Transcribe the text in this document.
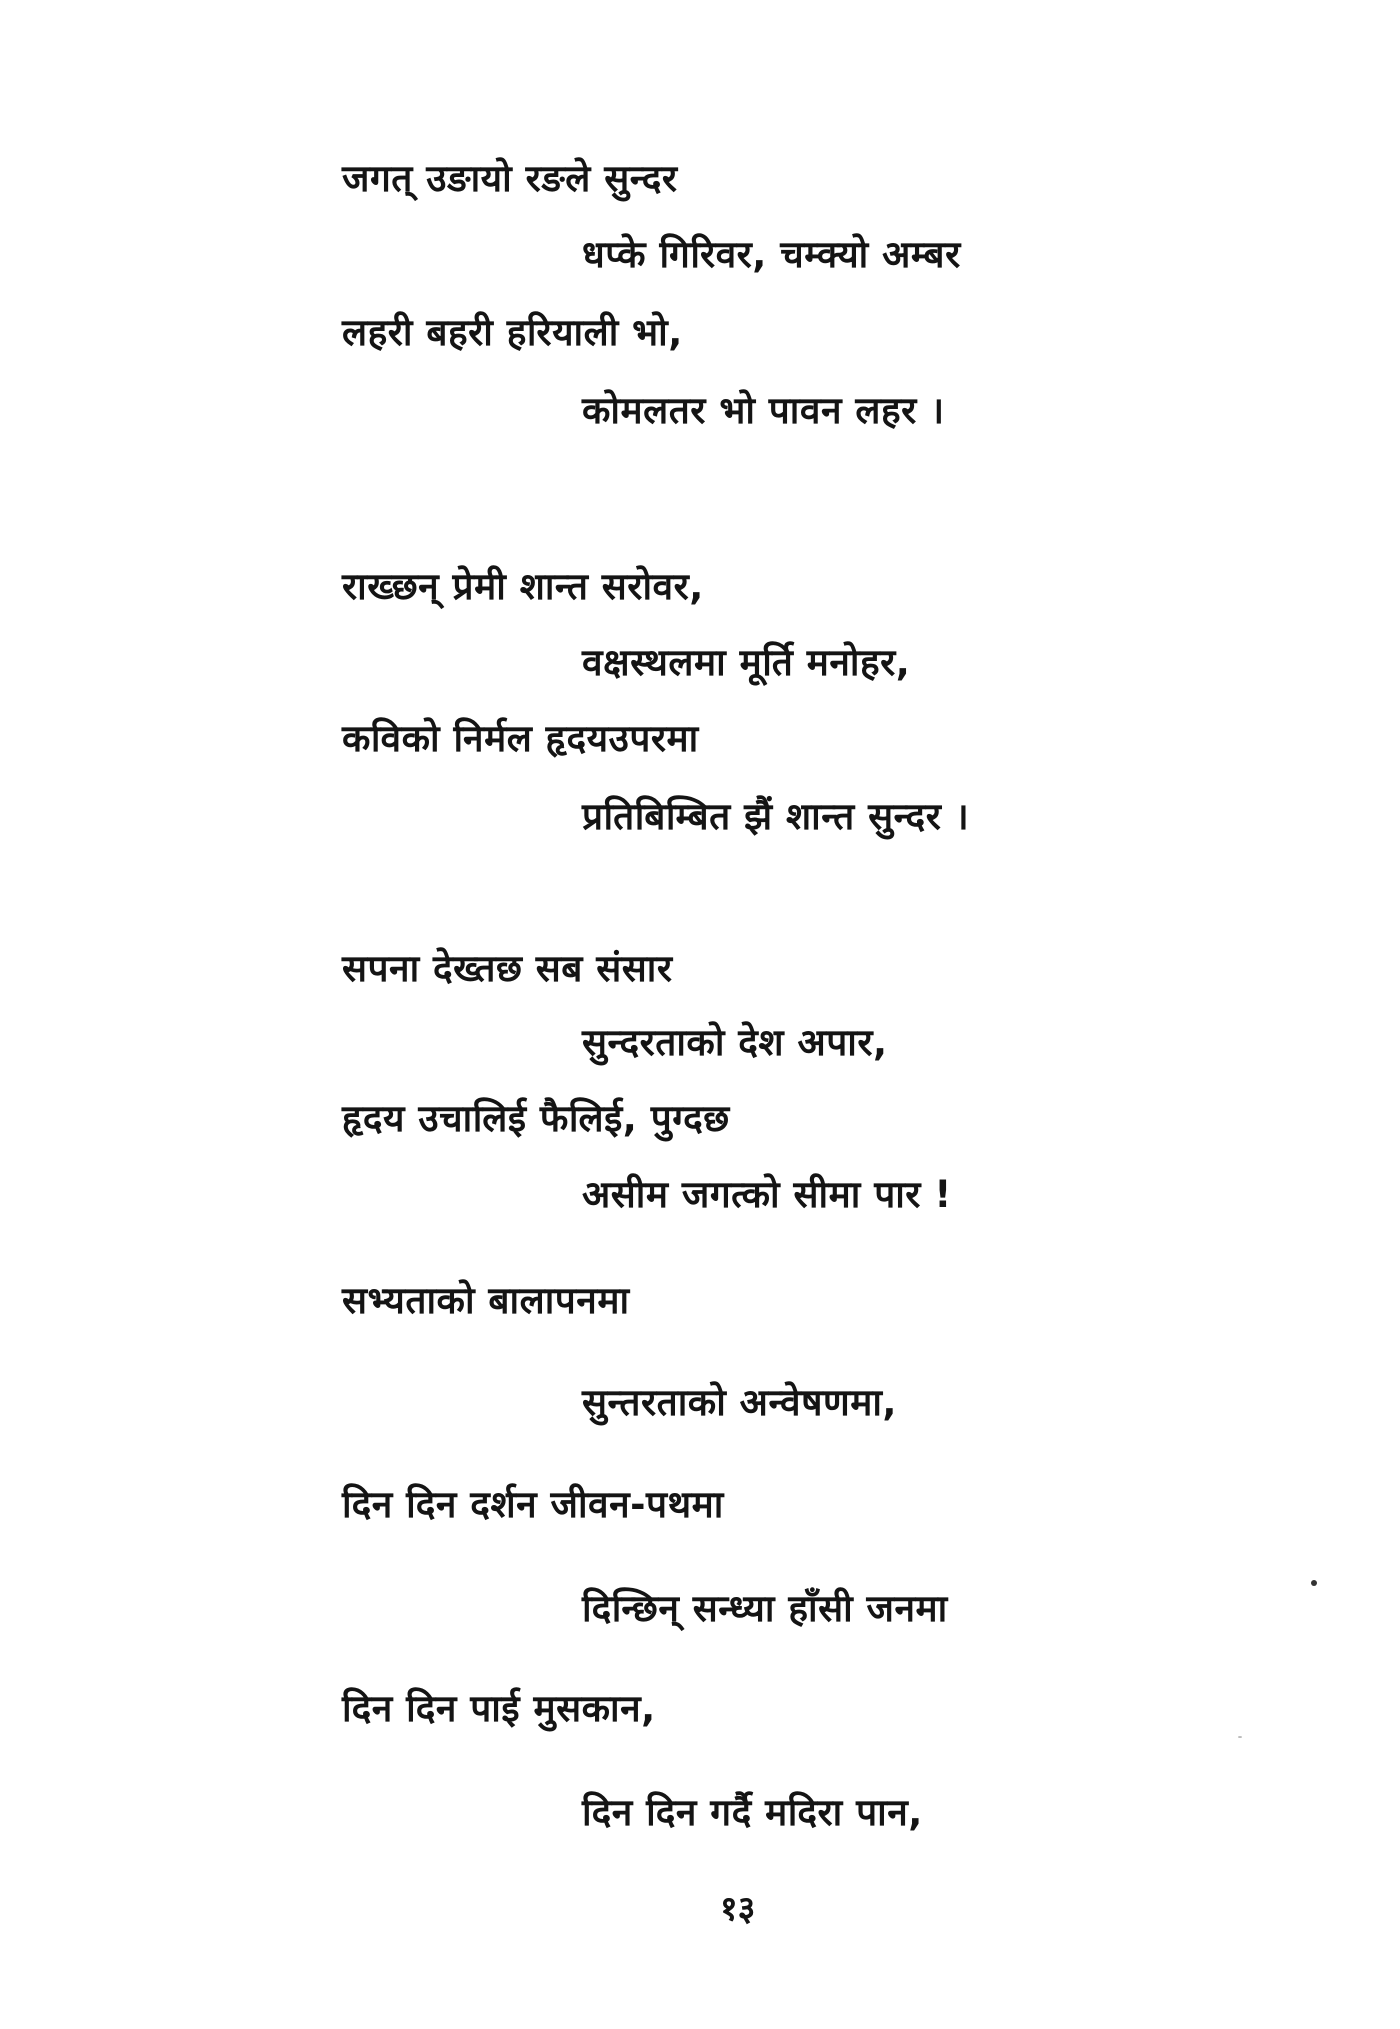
जगत् उङायो रङले सुन्दर
धप्के गिरिवर, चम्क्यो अम्बर
लहरी बहरी हरियाली भो,
कोमलतर भो पावन लहर ।
राख्छन् प्रेमी शान्त सरोवर,
वक्षस्थलमा मूर्ति मनोहर,
कविको निर्मल हृदयउपरमा
प्रतिबिम्बित झैं शान्त सुन्दर ।
सपना देख्तछ सब संसार
सुन्दरताको देश अपार,
हृदय उचालिई फैलिई, पुग्दछ
असीम जगत्को सीमा पार !
सभ्यताको बालापनमा
सुन्तरताको अन्वेषणमा,
दिन दिन दर्शन जीवन-पथमा
दिन्छिन् सन्ध्या हाँसी जनमा
दिन दिन पाई मुसकान,
दिन दिन गर्दै मदिरा पान,
१३
